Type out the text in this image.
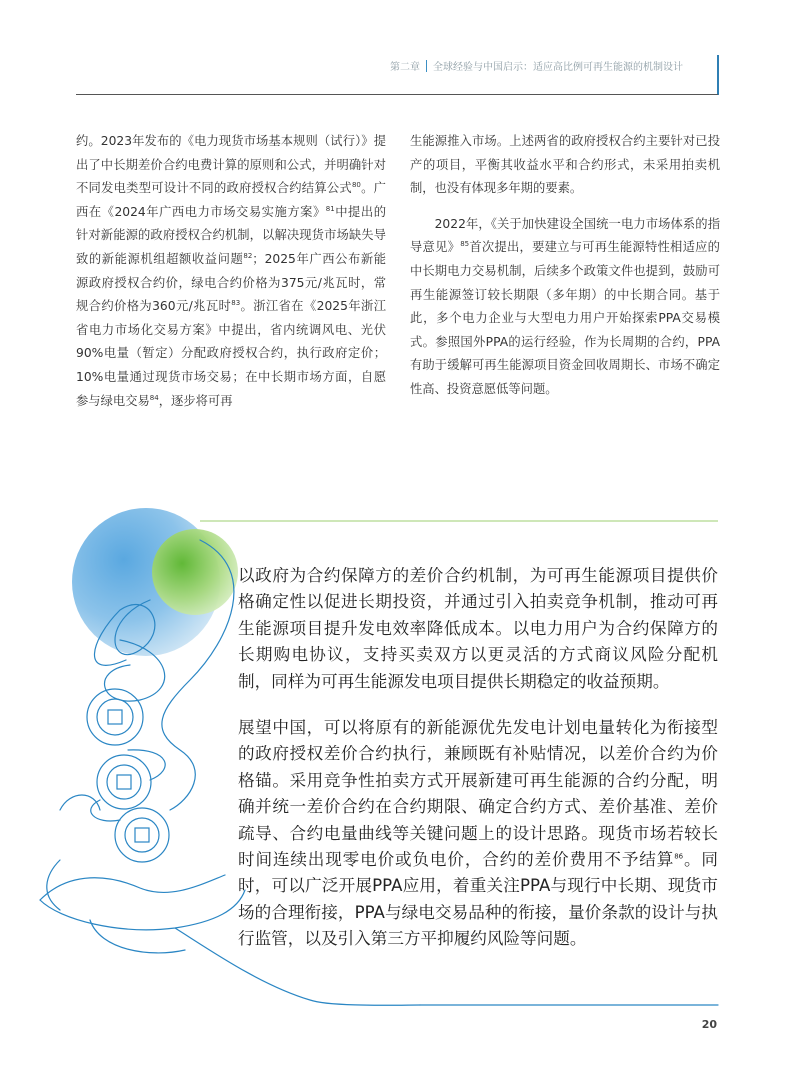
第二章 全球经验与中国启示：适应高比例可再生能源的机制设计

约。2023年发布的《电力现货市场基本规则（试行）》提出了中长期差价合约电费计算的原则和公式，并明确针对不同发电类型可设计不同的政府授权合约结算公式$^{80}$。广西在《2024年广西电力市场交易实施方案》$^{81}$中提出的针对新能源的政府授权合约机制，以解决现货市场缺失导致的新能源机组超额收益问题$^{82}$；2025年广西公布新能源政府授权合约价，绿电合约价格为375元/兆瓦时，常规合约价格为360元/兆瓦时$^{83}$。浙江省在《2025年浙江省电力市场化交易方案》中提出，省内统调风电、光伏90%电量（暂定）分配政府授权合约，执行政府定价；10%电量通过现货市场交易；在中长期市场方面，自愿参与绿电交易$^{84}$，逐步将可再

生能源推入市场。上述两省的政府授权合约主要针对已投产的项目，平衡其收益水平和合约形式，未采用拍卖机制，也没有体现多年期的要素。

2022年，《关于加快建设全国统一电力市场体系的指导意见》$^{85}$首次提出，要建立与可再生能源特性相适应的中长期电力交易机制，后续多个政策文件也提到，鼓励可再生能源签订较长期限（多年期）的中长期合同。基于此，多个电力企业与大型电力用户开始探索PPA交易模式。参照国外PPA的运行经验，作为长周期的合约，PPA有助于缓解可再生能源项目资金回收周期长、市场不确定性高、投资意愿低等问题。

以政府为合约保障方的差价合约机制，为可再生能源项目提供价格确定性以促进长期投资，并通过引入拍卖竞争机制，推动可再生能源项目提升发电效率降低成本。以电力用户为合约保障方的长期购电协议，支持买卖双方以更灵活的方式商议风险分配机制，同样为可再生能源发电项目提供长期稳定的收益预期。

展望中国，可以将原有的新能源优先发电计划电量转化为衔接型的政府授权差价合约执行，兼顾既有补贴情况，以差价合约为价格锚。采用竞争性拍卖方式开展新建可再生能源的合约分配，明确并统一差价合约在合约期限、确定合约方式、差价基准、差价疏导、合约电量曲线等关键问题上的设计思路。现货市场若较长时间连续出现零电价或负电价，合约的差价费用不予结算$^{86}$。同时，可以广泛开展PPA应用，着重关注PPA与现行中长期、现货市场的合理衔接，PPA与绿电交易品种的衔接，量价条款的设计与执行监管，以及引入第三方平抑履约风险等问题。

20
